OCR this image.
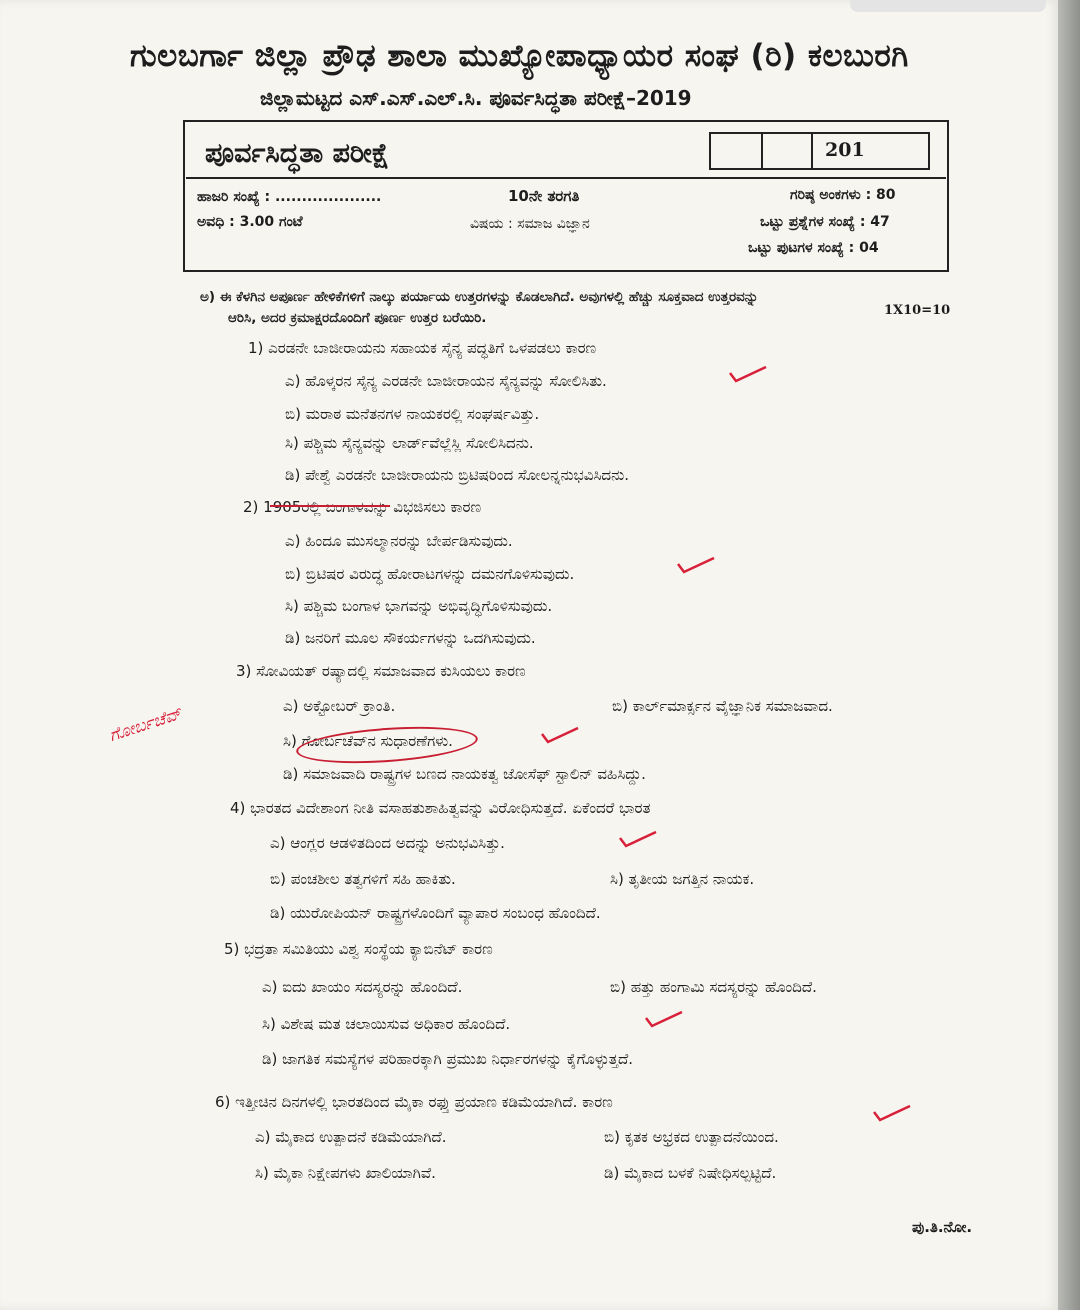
ಗುಲಬರ್ಗಾ ಜಿಲ್ಲಾ ಪ್ರೌಢ ಶಾಲಾ ಮುಖ್ಯೋಪಾಧ್ಯಾಯರ ಸಂಘ (ರಿ) ಕಲಬುರಗಿ
ಜಿಲ್ಲಾಮಟ್ಟದ ಎಸ್.ಎಸ್.ಎಲ್.ಸಿ. ಪೂರ್ವಸಿದ್ಧತಾ ಪರೀಕ್ಷೆ–2019
ಪೂರ್ವಸಿದ್ಧತಾ ಪರೀಕ್ಷೆ	201
ಹಾಜರಿ ಸಂಖ್ಯೆ : ....................
ಅವಧಿ : 3.00 ಗಂಟೆ
10ನೇ ತರಗತಿ
ವಿಷಯ : ಸಮಾಜ ವಿಜ್ಞಾನ
ಗರಿಷ್ಠ ಅಂಕಗಳು : 80
ಒಟ್ಟು ಪ್ರಶ್ನೆಗಳ ಸಂಖ್ಯೆ : 47
ಒಟ್ಟು ಪುಟಗಳ ಸಂಖ್ಯೆ : 04
ಅ) ಈ ಕೆಳಗಿನ ಅಪೂರ್ಣ ಹೇಳಿಕೆಗಳಿಗೆ ನಾಲ್ಕು ಪರ್ಯಾಯ ಉತ್ತರಗಳನ್ನು ಕೊಡಲಾಗಿದೆ. ಅವುಗಳಲ್ಲಿ ಹೆಚ್ಚು ಸೂಕ್ತವಾದ ಉತ್ತರವನ್ನು
ಆರಿಸಿ, ಅದರ ಕ್ರಮಾಕ್ಷರದೊಂದಿಗೆ ಪೂರ್ಣ ಉತ್ತರ ಬರೆಯಿರಿ.	1X10=10
1) ಎರಡನೇ ಬಾಜೀರಾಯನು ಸಹಾಯಕ ಸೈನ್ಯ ಪದ್ಧತಿಗೆ ಒಳಪಡಲು ಕಾರಣ
ಎ) ಹೊಳ್ಕರನ ಸೈನ್ಯ ಎರಡನೇ ಬಾಜೀರಾಯನ ಸೈನ್ಯವನ್ನು ಸೋಲಿಸಿತು.
ಬಿ) ಮರಾಠ ಮನೆತನಗಳ ನಾಯಕರಲ್ಲಿ ಸಂಘರ್ಷವಿತ್ತು.
ಸಿ) ಪಶ್ಚಿಮ ಸೈನ್ಯವನ್ನು ಲಾರ್ಡ್‌ವೆಲ್ಲೆಸ್ಲಿ ಸೋಲಿಸಿದನು.
ಡಿ) ಪೇಶ್ವೆ ಎರಡನೇ ಬಾಜೀರಾಯನು ಬ್ರಿಟಿಷರಿಂದ ಸೋಲನ್ನನುಭವಿಸಿದನು.
2) 1905ರಲ್ಲಿ ಬಂಗಾಳವನ್ನು ವಿಭಜಿಸಲು ಕಾರಣ
ಎ) ಹಿಂದೂ ಮುಸಲ್ಮಾನರನ್ನು ಬೇರ್ಪಡಿಸುವುದು.
ಬಿ) ಬ್ರಿಟಿಷರ ವಿರುದ್ಧ ಹೋರಾಟಗಳನ್ನು ದಮನಗೊಳಿಸುವುದು.
ಸಿ) ಪಶ್ಚಿಮ ಬಂಗಾಳ ಭಾಗವನ್ನು ಅಭಿವೃದ್ಧಿಗೊಳಿಸುವುದು.
ಡಿ) ಜನರಿಗೆ ಮೂಲ ಸೌಕರ್ಯಗಳನ್ನು ಒದಗಿಸುವುದು.
3) ಸೋವಿಯತ್ ರಷ್ಯಾದಲ್ಲಿ ಸಮಾಜವಾದ ಕುಸಿಯಲು ಕಾರಣ
ಎ) ಅಕ್ಟೋಬರ್ ಕ್ರಾಂತಿ.	ಬಿ) ಕಾರ್ಲ್‌ಮಾರ್ಕ್ಸನ ವೈಜ್ಞಾನಿಕ ಸಮಾಜವಾದ.
ಸಿ) ಗೋರ್ಬಚೆವ್‌ನ ಸುಧಾರಣೆಗಳು.
ಡಿ) ಸಮಾಜವಾದಿ ರಾಷ್ಟ್ರಗಳ ಬಣದ ನಾಯಕತ್ವ ಜೋಸೆಫ್ ಸ್ಟಾಲಿನ್ ವಹಿಸಿದ್ದು.
4) ಭಾರತದ ವಿದೇಶಾಂಗ ನೀತಿ ವಸಾಹತುಶಾಹಿತ್ವವನ್ನು ವಿರೋಧಿಸುತ್ತದೆ. ಏಕೆಂದರೆ ಭಾರತ
ಎ) ಆಂಗ್ಲರ ಆಡಳಿತದಿಂದ ಅದನ್ನು ಅನುಭವಿಸಿತ್ತು.
ಬಿ) ಪಂಚಶೀಲ ತತ್ವಗಳಿಗೆ ಸಹಿ ಹಾಕಿತು.	ಸಿ) ತೃತೀಯ ಜಗತ್ತಿನ ನಾಯಕ.
ಡಿ) ಯುರೋಪಿಯನ್ ರಾಷ್ಟ್ರಗಳೊಂದಿಗೆ ವ್ಯಾಪಾರ ಸಂಬಂಧ ಹೊಂದಿದೆ.
5) ಭದ್ರತಾ ಸಮಿತಿಯು ವಿಶ್ವ ಸಂಸ್ಥೆಯ ಕ್ಯಾಬಿನೆಟ್ ಕಾರಣ
ಎ) ಐದು ಖಾಯಂ ಸದಸ್ಯರನ್ನು ಹೊಂದಿದೆ.	ಬಿ) ಹತ್ತು ಹಂಗಾಮಿ ಸದಸ್ಯರನ್ನು ಹೊಂದಿದೆ.
ಸಿ) ವಿಶೇಷ ಮತ ಚಲಾಯಿಸುವ ಅಧಿಕಾರ ಹೊಂದಿದೆ.
ಡಿ) ಜಾಗತಿಕ ಸಮಸ್ಯೆಗಳ ಪರಿಹಾರಕ್ಕಾಗಿ ಪ್ರಮುಖ ನಿರ್ಧಾರಗಳನ್ನು ಕೈಗೊಳ್ಳುತ್ತದೆ.
6) ಇತ್ತೀಚಿನ ದಿನಗಳಲ್ಲಿ ಭಾರತದಿಂದ ಮೈಕಾ ರಫ್ತು ಪ್ರಯಾಣ ಕಡಿಮೆಯಾಗಿದೆ. ಕಾರಣ
ಎ) ಮೈಕಾದ ಉತ್ಪಾದನೆ ಕಡಿಮೆಯಾಗಿದೆ.	ಬಿ) ಕೃತಕ ಅಭ್ರಕದ ಉತ್ಪಾದನೆಯಿಂದ.
ಸಿ) ಮೈಕಾ ನಿಕ್ಷೇಪಗಳು ಖಾಲಿಯಾಗಿವೆ.	ಡಿ) ಮೈಕಾದ ಬಳಕೆ ನಿಷೇಧಿಸಲ್ಪಟ್ಟಿದೆ.
ಗೋರ್ಬಚೆವ್
ಪು.ತಿ.ನೋ.
